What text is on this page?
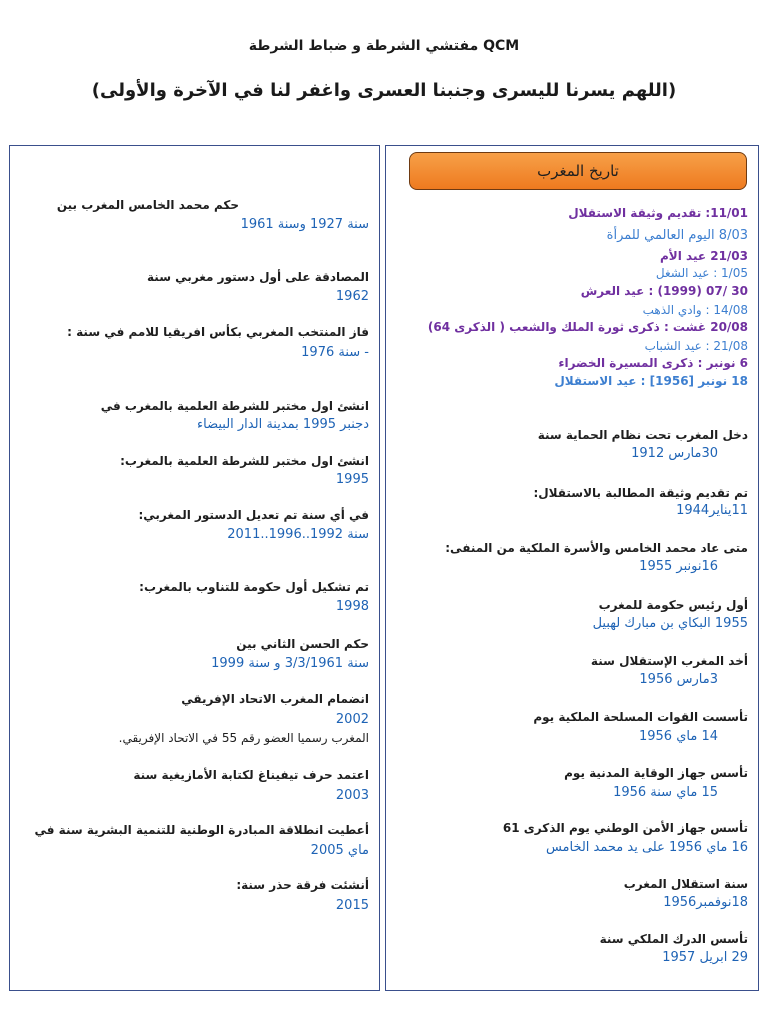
QCM مفتشي الشرطة و ضباط الشرطة
(اللهم يسرنا لليسرى وجنبنا العسرى واغفر لنا في الآخرة والأولى)
تاريخ المغرب
11/01: تقديم وثيقة الاستقلال
8/03 اليوم العالمي للمرأة
21/03 عيد الأم
1/05 : عيد الشغل
30 /07 (1999) : عيد العرش
14/08 : وادي الذهب
20/08 غشت : ذكرى ثورة الملك والشعب ( الذكرى 64)
21/08 : عيد الشباب
6 نونبر : ذكرى المسيرة الخضراء
18 نونبر [1956] : عيد الاستقلال
دخل المغرب تحت نظام الحماية سنة
30مارس 1912
تم تقديم وثيقة المطالبة بالاستقلال:
11يناير1944
متى عاد محمد الخامس والأسرة الملكية من المنفى:
16نونبر 1955
أول رئيس حكومة للمغرب
1955 البكاي بن مبارك لهبيل
أخد المغرب الإستقلال سنة
3مارس 1956
تأسست القوات المسلحة الملكية يوم
14 ماي 1956
تأسس جهاز الوقاية المدنية يوم
15 ماي سنة 1956
تأسس جهاز الأمن الوطني يوم الذكرى 61
16 ماي 1956 على يد محمد الخامس
سنة استقلال المغرب
18نوفمبر1956
تأسس الدرك الملكي سنة
29 ابريل 1957
حكم محمد الخامس المغرب بين
سنة 1927 وسنة 1961
المصادقة على أول دستور مغربي سنة
1962
فاز المنتخب المغربي بكأس افريقيا للامم في سنة :
- سنة 1976
انشئ اول مختبر للشرطة العلمية بالمغرب في
دجنبر 1995 بمدينة الدار البيضاء
انشئ اول مختبر للشرطة العلمية بالمغرب:
1995
في أي سنة تم تعديل الدستور المغربي:
سنة 1992..1996..2011
تم تشكيل أول حكومة للتناوب بالمغرب:
1998
حكم الحسن الثاني بين
سنة 3/3/1961 و سنة 1999
انضمام المغرب الاتحاد الإفريقي
2002
المغرب رسميا العضو رقم 55 في الاتحاد الإفريقي.
اعتمد حرف تيفيناغ لكتابة الأمازيغية سنة
2003
أعطيت انطلاقة المبادرة الوطنية للتنمية البشرية سنة في
ماي 2005
أنشئت فرقة حذر سنة:
2015
